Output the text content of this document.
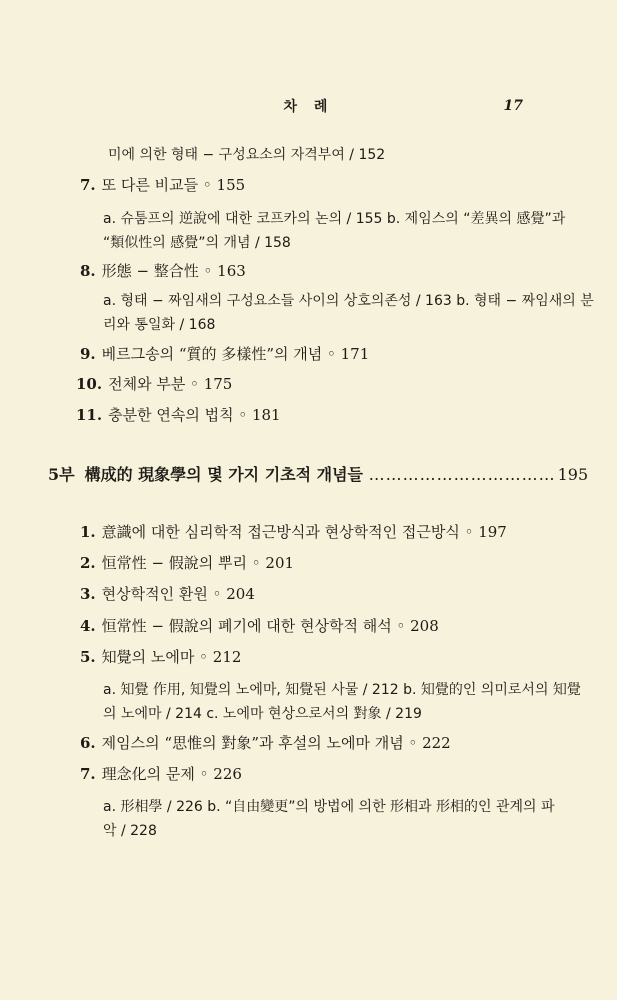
차 례	17
미에 의한 형태 − 구성요소의 자격부여 / 152
7. 또 다른 비교들 ◦ 155
a. 슈툼프의 逆說에 대한 코프카의 논의 / 155 b. 제임스의 “差異의 感覺”과
“類似性의 感覺”의 개념 / 158
8. 形態 − 整合性 ◦ 163
a. 형태 − 짜임새의 구성요소들 사이의 상호의존성 / 163 b. 형태 − 짜임새의 분
리와 통일화 / 168
9. 베르그송의 “質的 多樣性”의 개념 ◦ 171
10. 전체와 부분 ◦ 175
11. 충분한 연속의 법칙 ◦ 181
5부 構成的 現象學의 몇 가지 기초적 개념들 …………………………… 195
1. 意識에 대한 심리학적 접근방식과 현상학적인 접근방식 ◦ 197
2. 恒常性 − 假說의 뿌리 ◦ 201
3. 현상학적인 환원 ◦ 204
4. 恒常性 − 假說의 폐기에 대한 현상학적 해석 ◦ 208
5. 知覺의 노에마 ◦ 212
a. 知覺 作用, 知覺의 노에마, 知覺된 사물 / 212 b. 知覺的인 의미로서의 知覺
의 노에마 / 214 c. 노에마 현상으로서의 對象 / 219
6. 제임스의 “思惟의 對象”과 후설의 노에마 개념 ◦ 222
7. 理念化의 문제 ◦ 226
a. 形相學 / 226 b. “自由變更”의 방법에 의한 形相과 形相的인 관계의 파
악 / 228
